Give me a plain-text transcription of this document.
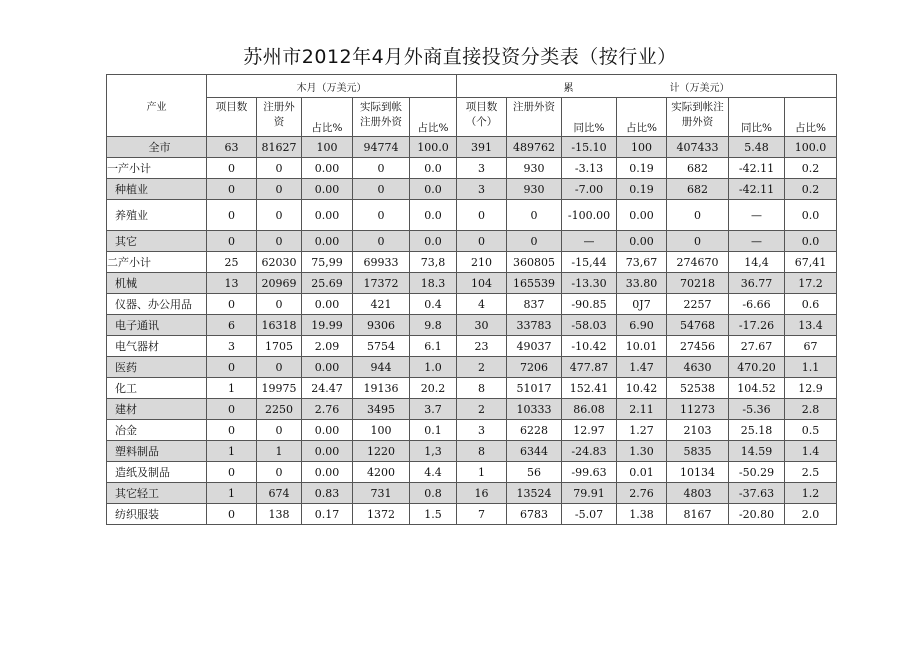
苏州市2012年4月外商直接投资分类表（按行业）
产业	木月（万美元）					累 计（万美元）						
	项目数	注册外资	占比%	实际到帐注册外资	占比%	项目数（个）	注册外资	同比%	占比%	实际到帐注册外资	同比%	占比%
全市	63	81627	100	94774	100.0	391	489762	-15.10	100	407433	5.48	100.0
一产小计	0	0	0.00	0	0.0	3	930	-3.13	0.19	682	-42.11	0.2
种植业	0	0	0.00	0	0.0	3	930	-7.00	0.19	682	-42.11	0.2
养殖业	0	0	0.00	0	0.0	0	0	-100.00	0.00	0	—	0.0
其它	0	0	0.00	0	0.0	0	0	—	0.00	0	—	0.0
二产小计	25	62030	75,99	69933	73,8	210	360805	-15,44	73,67	274670	14,4	67,41
机械	13	20969	25.69	17372	18.3	104	165539	-13.30	33.80	70218	36.77	17.2
仪器、办公用品	0	0	0.00	421	0.4	4	837	-90.85	0J7	2257	-6.66	0.6
电子通讯	6	16318	19.99	9306	9.8	30	33783	-58.03	6.90	54768	-17.26	13.4
电气器材	3	1705	2.09	5754	6.1	23	49037	-10.42	10.01	27456	27.67	67
医药	0	0	0.00	944	1.0	2	7206	477.87	1.47	4630	470.20	1.1
化工	1	19975	24.47	19136	20.2	8	51017	152.41	10.42	52538	104.52	12.9
建材	0	2250	2.76	3495	3.7	2	10333	86.08	2.11	11273	-5.36	2.8
冶金	0	0	0.00	100	0.1	3	6228	12.97	1.27	2103	25.18	0.5
塑料制品	1	1	0.00	1220	1,3	8	6344	-24.83	1.30	5835	14.59	1.4
造纸及制品	0	0	0.00	4200	4.4	1	56	-99.63	0.01	10134	-50.29	2.5
其它轻工	1	674	0.83	731	0.8	16	13524	79.91	2.76	4803	-37.63	1.2
纺织服装	0	138	0.17	1372	1.5	7	6783	-5.07	1.38	8167	-20.80	2.0
